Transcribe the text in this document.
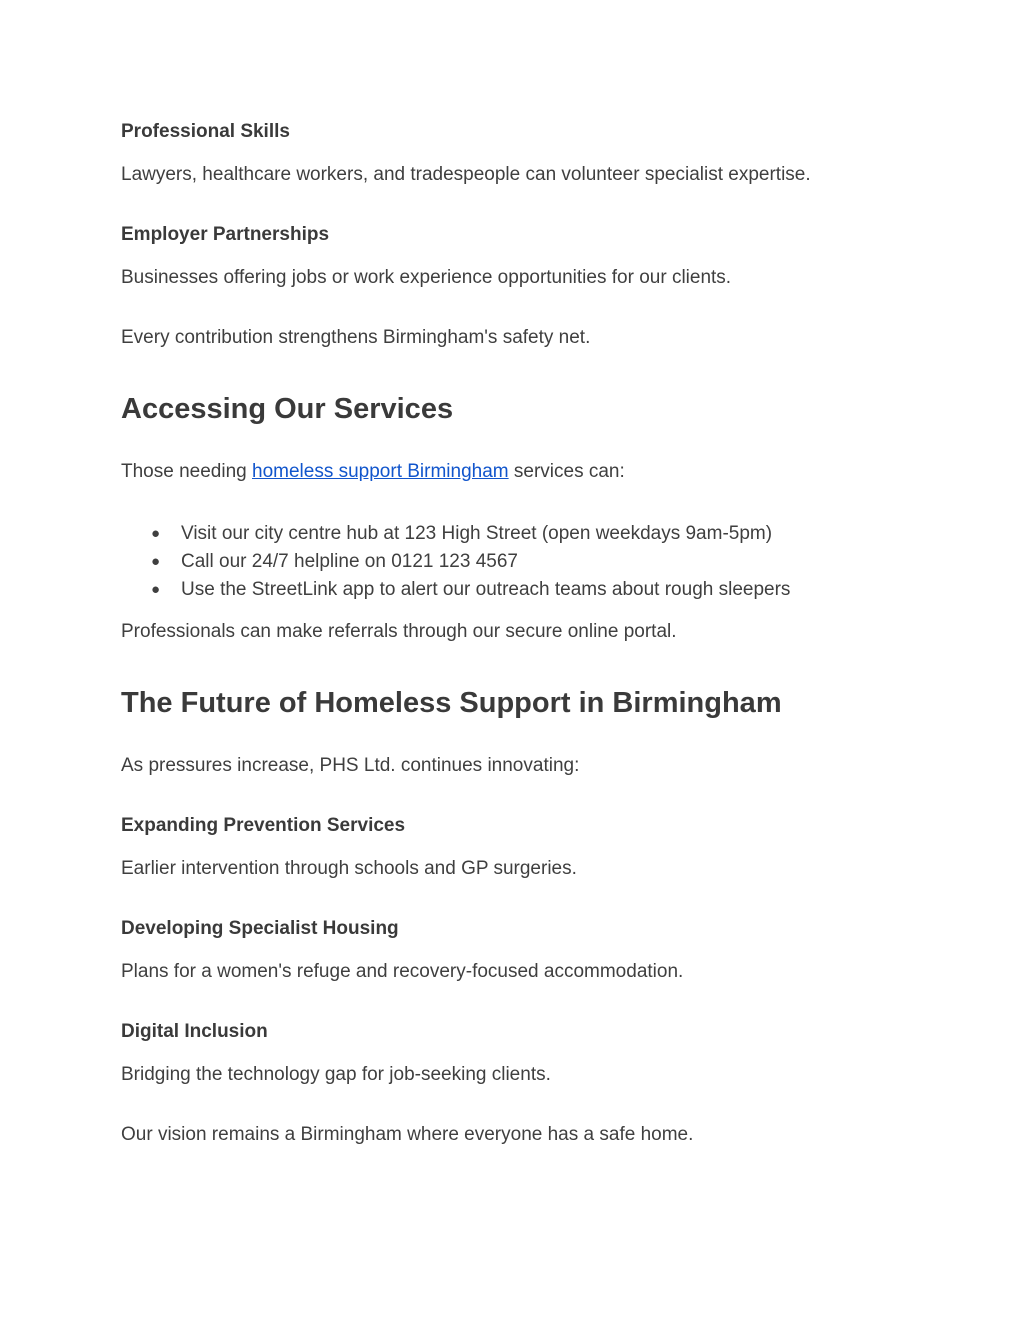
Professional Skills
Lawyers, healthcare workers, and tradespeople can volunteer specialist expertise.
Employer Partnerships
Businesses offering jobs or work experience opportunities for our clients.
Every contribution strengthens Birmingham's safety net.
Accessing Our Services
Those needing homeless support Birmingham services can:
● Visit our city centre hub at 123 High Street (open weekdays 9am-5pm)
● Call our 24/7 helpline on 0121 123 4567
● Use the StreetLink app to alert our outreach teams about rough sleepers
Professionals can make referrals through our secure online portal.
The Future of Homeless Support in Birmingham
As pressures increase, PHS Ltd. continues innovating:
Expanding Prevention Services
Earlier intervention through schools and GP surgeries.
Developing Specialist Housing
Plans for a women's refuge and recovery-focused accommodation.
Digital Inclusion
Bridging the technology gap for job-seeking clients.
Our vision remains a Birmingham where everyone has a safe home.
